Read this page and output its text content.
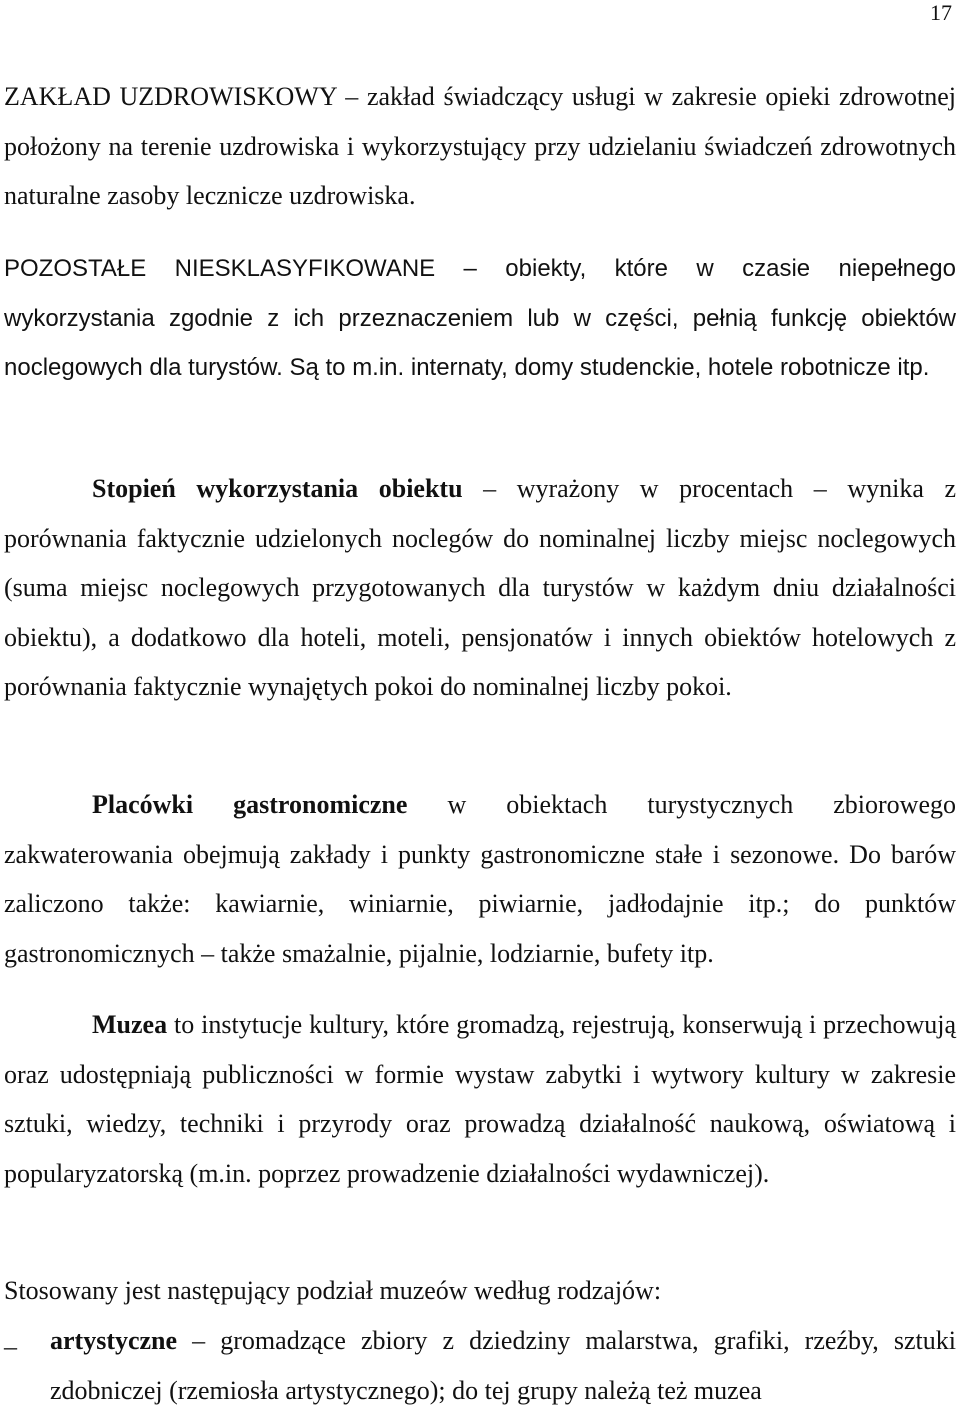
17

ZAKŁAD UZDROWISKOWY – zakład świadczący usługi w zakresie opieki zdrowotnej położony na terenie uzdrowiska i wykorzystujący przy udzielaniu świadczeń zdrowotnych naturalne zasoby lecznicze uzdrowiska.

POZOSTAŁE NIESKLASYFIKOWANE – obiekty, które w czasie niepełnego wykorzystania zgodnie z ich przeznaczeniem lub w części, pełnią funkcję obiektów noclegowych dla turystów. Są to m.in. internaty, domy studenckie, hotele robotnicze itp.

Stopień wykorzystania obiektu – wyrażony w procentach – wynika z porównania faktycznie udzielonych noclegów do nominalnej liczby miejsc noclegowych (suma miejsc noclegowych przygotowanych dla turystów w każdym dniu działalności obiektu), a dodatkowo dla hoteli, moteli, pensjonatów i innych obiektów hotelowych z porównania faktycznie wynajętych pokoi do nominalnej liczby pokoi.

Placówki gastronomiczne w obiektach turystycznych zbiorowego zakwaterowania obejmują zakłady i punkty gastronomiczne stałe i sezonowe. Do barów zaliczono także: kawiarnie, winiarnie, piwiarnie, jadłodajnie itp.; do punktów gastronomicznych – także smażalnie, pijalnie, lodziarnie, bufety itp.

Muzea to instytucje kultury, które gromadzą, rejestrują, konserwują i przechowują oraz udostępniają publiczności w formie wystaw zabytki i wytwory kultury w zakresie sztuki, wiedzy, techniki i przyrody oraz prowadzą działalność naukową, oświatową i popularyzatorską (m.in. poprzez prowadzenie działalności wydawniczej).

Stosowany jest następujący podział muzeów według rodzajów:

– artystyczne – gromadzące zbiory z dziedziny malarstwa, grafiki, rzeźby, sztuki zdobniczej (rzemiosła artystycznego); do tej grupy należą też muzea
